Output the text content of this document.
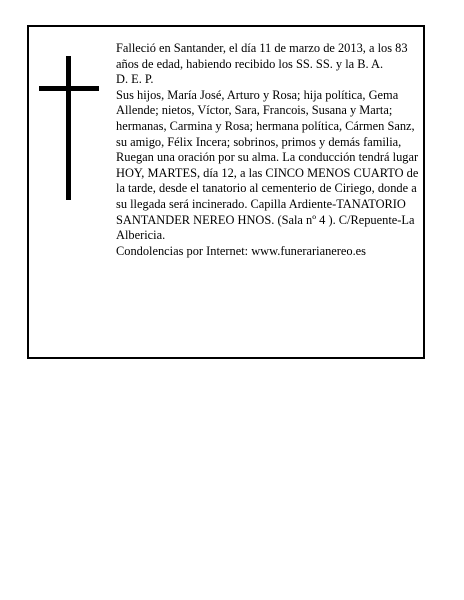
Falleció en Santander, el día 11 de marzo de 2013, a los 83 años de edad, habiendo recibido los SS. SS. y la B. A.

D. E. P.

Sus hijos, María José, Arturo y Rosa; hija política, Gema Allende; nietos, Víctor, Sara, Francois, Susana y Marta; hermanas, Carmina y Rosa; hermana política, Cármen Sanz, su amigo, Félix Incera; sobrinos, primos y demás familia,

Ruegan una oración por su alma. La conducción tendrá lugar HOY, MARTES, día 12, a las CINCO MENOS CUARTO de la tarde, desde el tanatorio al cementerio de Ciriego, donde a su llegada será incinerado. Capilla Ardiente-TANATORIO SANTANDER NEREO HNOS. (Sala nº 4 ). C/Repuente-La Albericia.

Condolencias por Internet: www.funerarianereo.es
